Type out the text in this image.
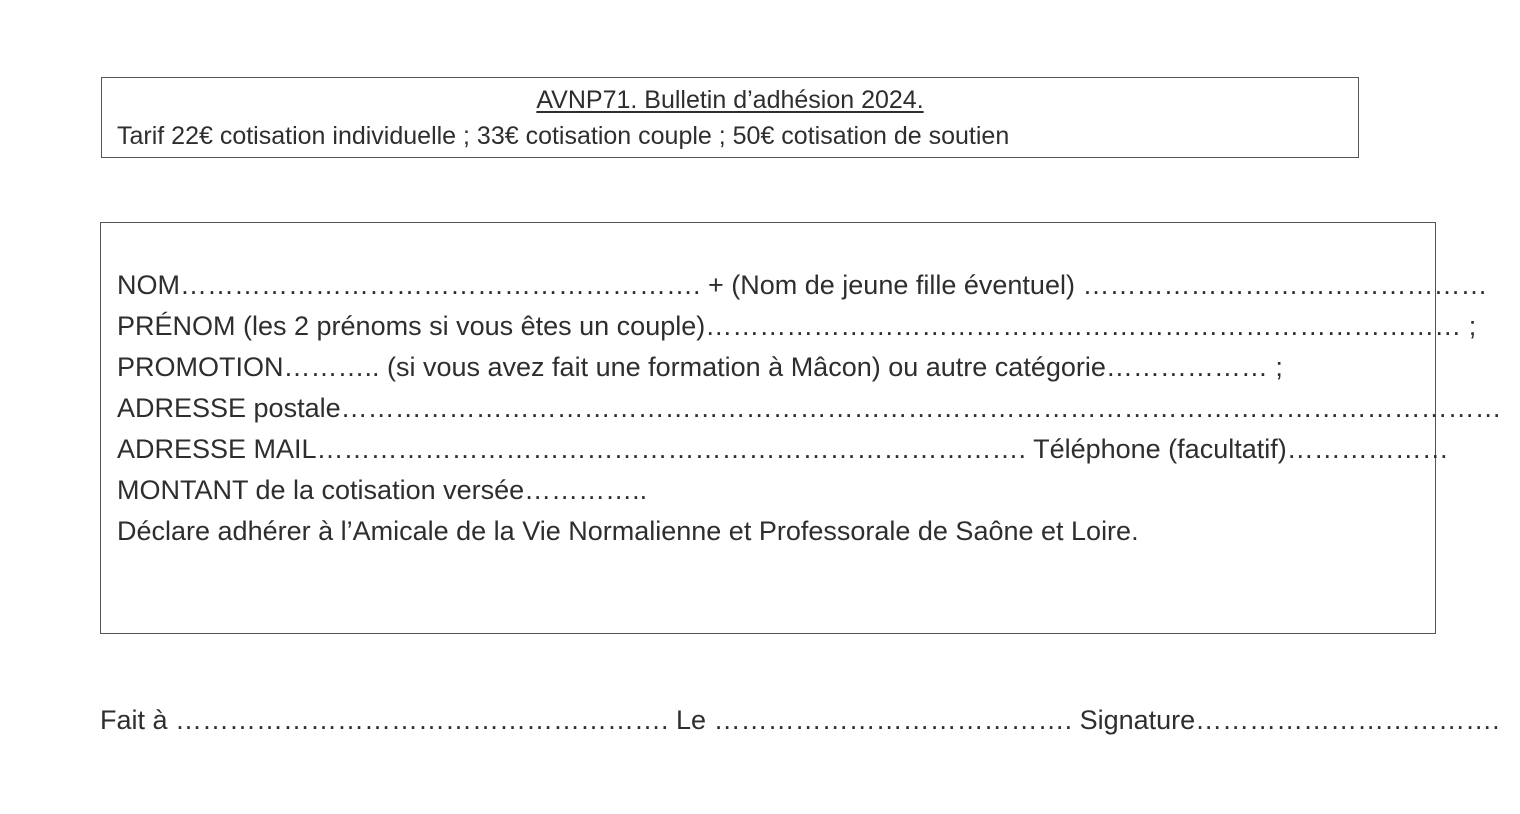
AVNP71. Bulletin d’adhésion 2024.
Tarif 22€ cotisation individuelle ; 33€ cotisation couple ; 50€ cotisation de soutien
NOM…………………………………………………. + (Nom de jeune fille éventuel) ………………………………………
PRÉNOM (les 2 prénoms si vous êtes un couple)………………………………………………………………………… ;
PROMOTION……….. (si vous avez fait une formation à Mâcon) ou autre catégorie……………… ;
ADRESSE postale…………………………………………………………………………………………………………………
ADRESSE MAIL……………………………………………………………………. Téléphone (facultatif)………………
MONTANT de la cotisation versée…………..
Déclare adhérer à l’Amicale de la Vie Normalienne et Professorale de Saône et Loire.
Fait à ………………………………………………. Le …………………………………. Signature…………………………….
